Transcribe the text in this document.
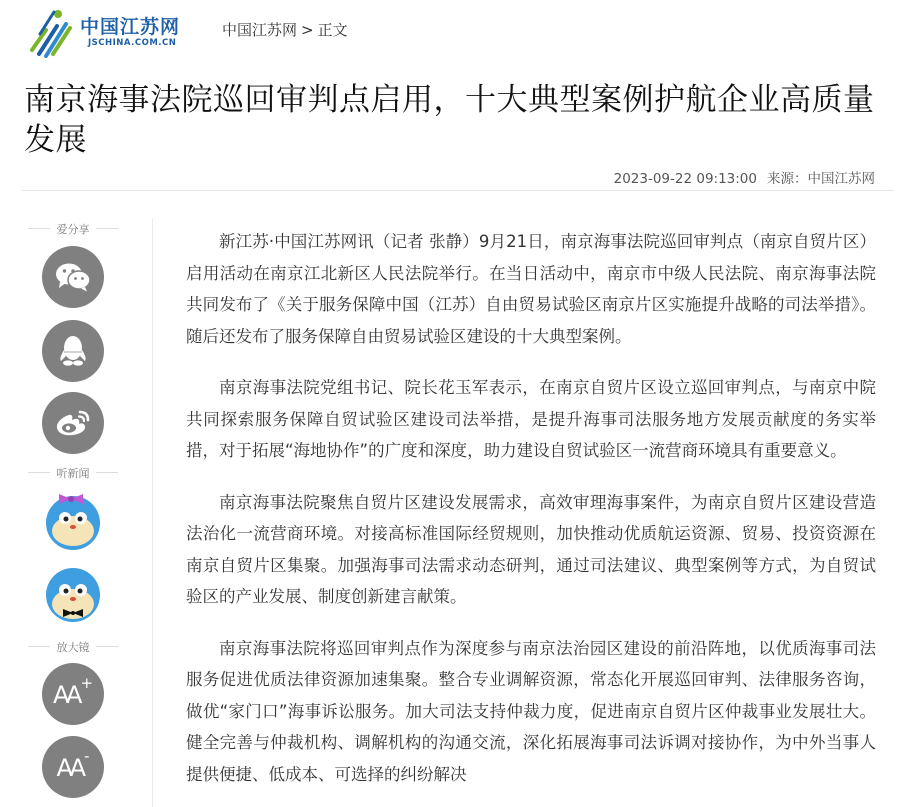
中国江苏网
JSCHINA.COM.CN
中国江苏网 > 正文
南京海事法院巡回审判点启用，十大典型案例护航企业高质量发展
2023-09-22 09:13:00 来源：中国江苏网
爱分享
听新闻
放大镜
AA +
AA -

新江苏·中国江苏网讯（记者 张静）9月21日，南京海事法院巡回审判点（南京自贸片区）启用活动在南京江北新区人民法院举行。在当日活动中，南京市中级人民法院、南京海事法院共同发布了《关于服务保障中国（江苏）自由贸易试验区南京片区实施提升战略的司法举措》。随后还发布了服务保障自由贸易试验区建设的十大典型案例。

南京海事法院党组书记、院长花玉军表示，在南京自贸片区设立巡回审判点，与南京中院共同探索服务保障自贸试验区建设司法举措，是提升海事司法服务地方发展贡献度的务实举措，对于拓展“海地协作”的广度和深度，助力建设自贸试验区一流营商环境具有重要意义。

南京海事法院聚焦自贸片区建设发展需求，高效审理海事案件，为南京自贸片区建设营造法治化一流营商环境。对接高标准国际经贸规则，加快推动优质航运资源、贸易、投资资源在南京自贸片区集聚。加强海事司法需求动态研判，通过司法建议、典型案例等方式，为自贸试验区的产业发展、制度创新建言献策。

南京海事法院将巡回审判点作为深度参与南京法治园区建设的前沿阵地，以优质海事司法服务促进优质法律资源加速集聚。整合专业调解资源，常态化开展巡回审判、法律服务咨询，做优“家门口”海事诉讼服务。加大司法支持仲裁力度，促进南京自贸片区仲裁事业发展壮大。健全完善与仲裁机构、调解机构的沟通交流，深化拓展海事司法诉调对接协作，为中外当事人提供便捷、低成本、可选择的纠纷解决
